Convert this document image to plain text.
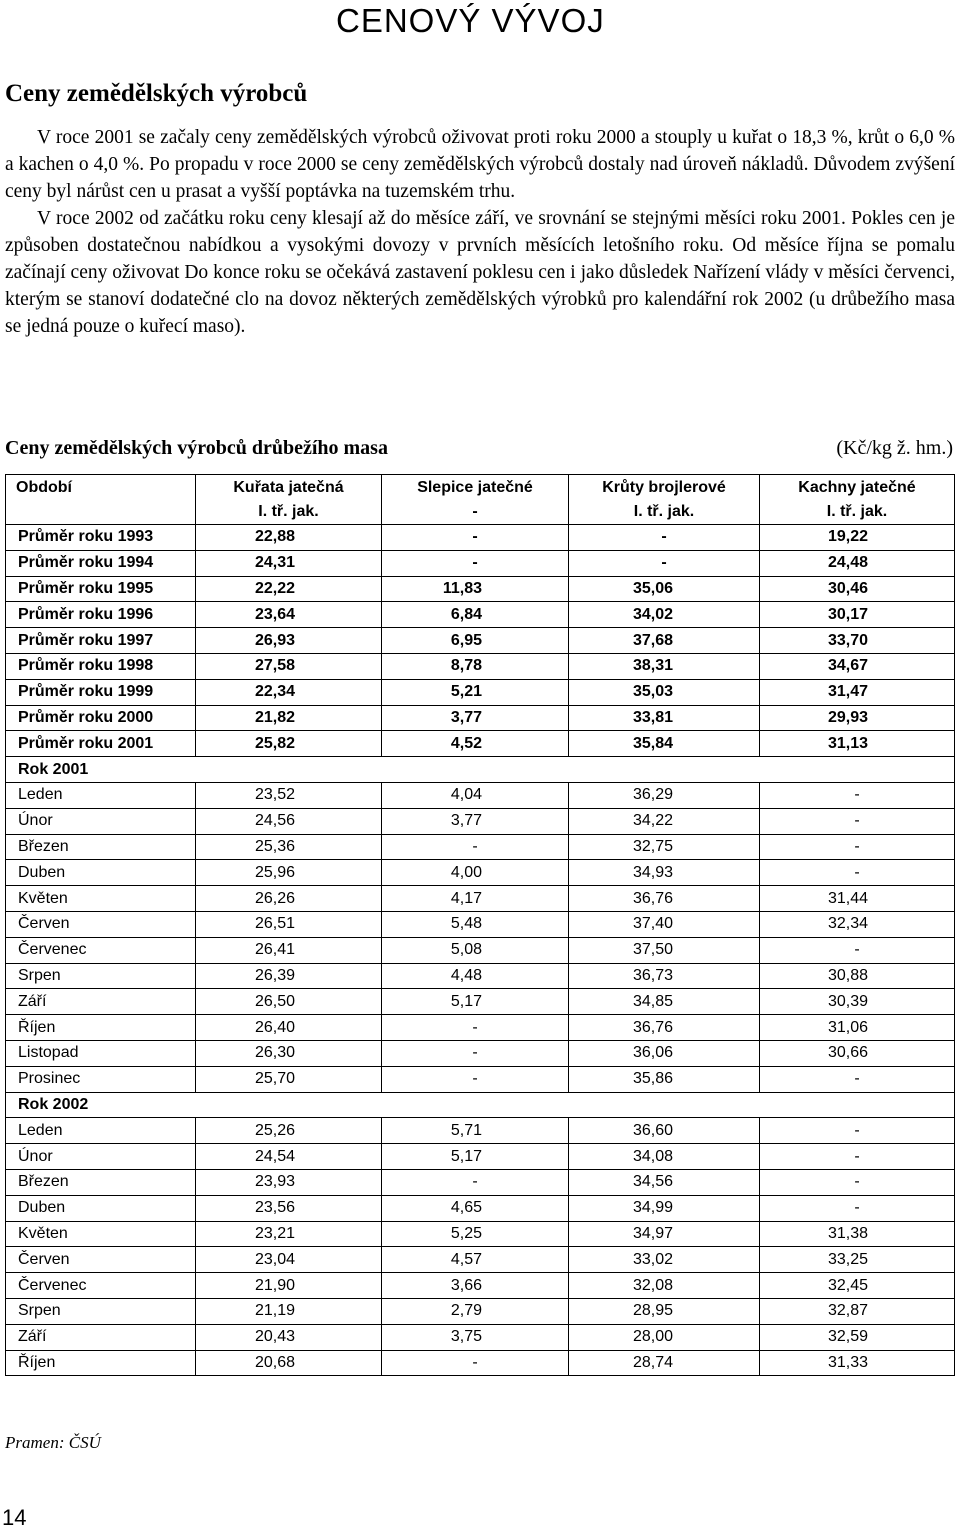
CENOVÝ VÝVOJ
Ceny zemědělských výrobců

V roce 2001 se začaly ceny zemědělských výrobců oživovat proti roku 2000 a stouply u kuřat o 18,3 %, krůt o 6,0 % a kachen o 4,0 %. Po propadu v roce 2000 se ceny zemědělských výrobců dostaly nad úroveň nákladů. Důvodem zvýšení ceny byl nárůst cen u prasat a vyšší poptávka na tuzemském trhu.

V roce 2002 od začátku roku ceny klesají až do měsíce září, ve srovnání se stejnými měsíci roku 2001. Pokles cen je způsoben dostatečnou nabídkou a vysokými dovozy v prvních měsících letošního roku. Od měsíce října se pomalu začínají ceny oživovat Do konce roku se očekává zastavení poklesu cen i jako důsledek Nařízení vlády v měsíci červenci, kterým se stanoví dodatečné clo na dovoz některých zemědělských výrobků pro kalendářní rok 2002 (u drůbežího masa se jedná pouze o kuřecí maso).

Ceny zemědělských výrobců drůbežího masa	(Kč/kg ž. hm.)
Období	Kuřata jatečná	Slepice jatečné	Krůty brojlerové	Kachny jatečné
	I. tř. jak.	-	I. tř. jak.	I. tř. jak.
Průměr roku 1993	22,88	-	-	19,22
Průměr roku 1994	24,31	-	-	24,48
Průměr roku 1995	22,22	11,83	35,06	30,46
Průměr roku 1996	23,64	6,84	34,02	30,17
Průměr roku 1997	26,93	6,95	37,68	33,70
Průměr roku 1998	27,58	8,78	38,31	34,67
Průměr roku 1999	22,34	5,21	35,03	31,47
Průměr roku 2000	21,82	3,77	33,81	29,93
Průměr roku 2001	25,82	4,52	35,84	31,13
Rok 2001				
Leden	23,52	4,04	36,29	-
Únor	24,56	3,77	34,22	-
Březen	25,36	-	32,75	-
Duben	25,96	4,00	34,93	-
Květen	26,26	4,17	36,76	31,44
Červen	26,51	5,48	37,40	32,34
Červenec	26,41	5,08	37,50	-
Srpen	26,39	4,48	36,73	30,88
Září	26,50	5,17	34,85	30,39
Říjen	26,40	-	36,76	31,06
Listopad	26,30	-	36,06	30,66
Prosinec	25,70	-	35,86	-
Rok 2002				
Leden	25,26	5,71	36,60	-
Únor	24,54	5,17	34,08	-
Březen	23,93	-	34,56	-
Duben	23,56	4,65	34,99	-
Květen	23,21	5,25	34,97	31,38
Červen	23,04	4,57	33,02	33,25
Červenec	21,90	3,66	32,08	32,45
Srpen	21,19	2,79	28,95	32,87
Září	20,43	3,75	28,00	32,59
Říjen	20,68	-	28,74	31,33
Pramen: ČSÚ
14
